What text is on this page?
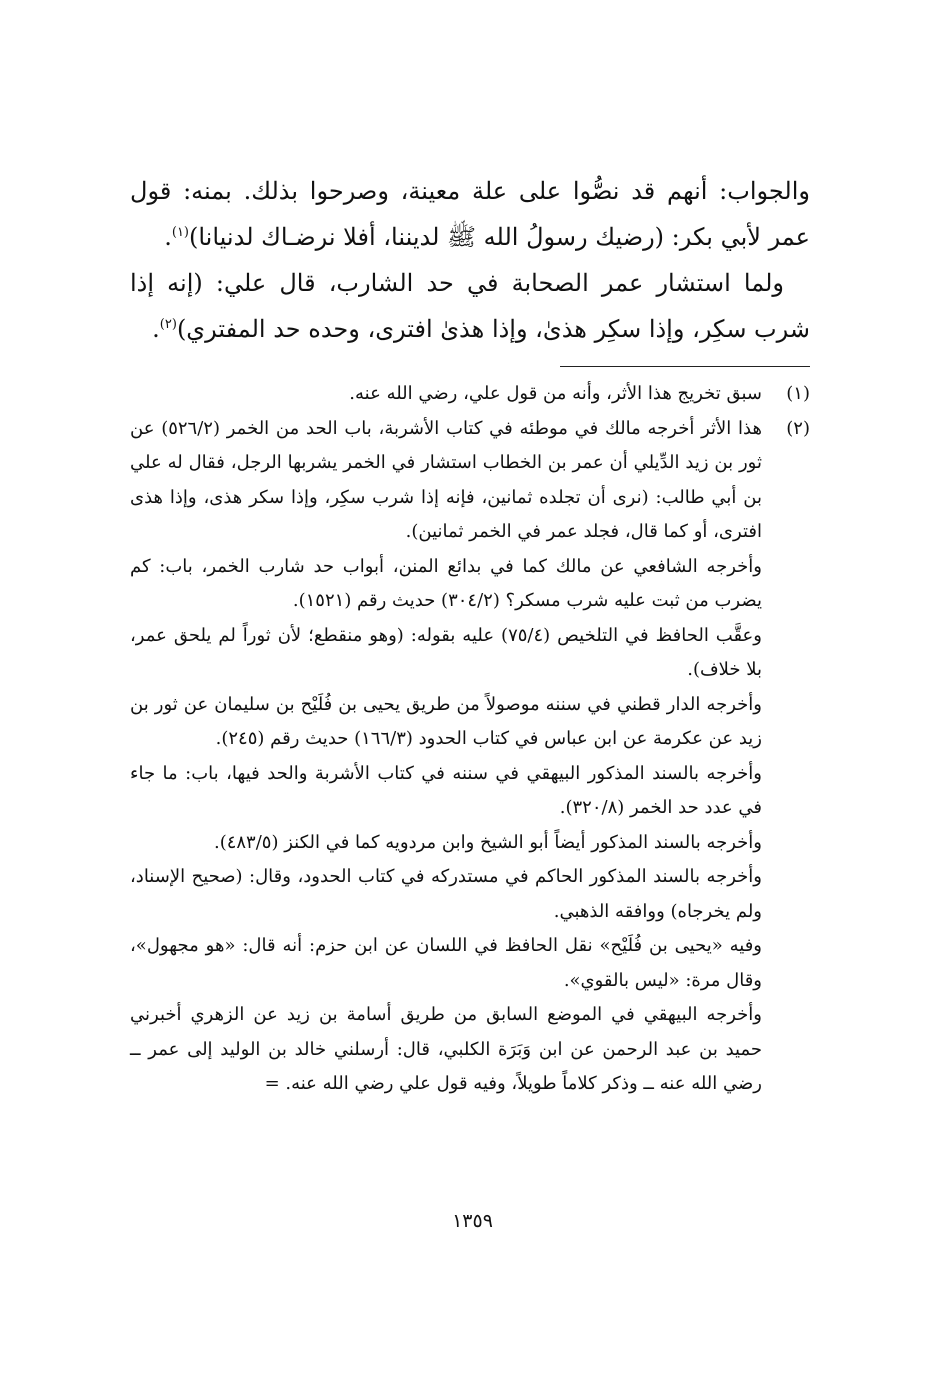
والجواب: أنهم قد نصُّوا على علة معينة، وصرحوا بذلك. بمنه: قول عمر لأبي بكر: (رضيك رسولُ الله ﷺ لديننا، أفلا نرضـاك لدنيانا)$^{(١)}$.

ولما استشار عمر الصحابة في حد الشارب، قال علي: (إنه إذا شرب سكِر، وإذا سكِر هذىٰ، وإذا هذىٰ افترى، وحده حد المفتري)$^{(٢)}$.

(١)
سبق تخريج هذا الأثر، وأنه من قول علي، رضي الله عنه.
(٢)
هذا الأثر أخرجه مالك في موطئه في كتاب الأشربة، باب الحد من الخمر (٥٢٦/٢) عن ثور بن زيد الدِّيلي أن عمر بن الخطاب استشار في الخمر يشربها الرجل، فقال له علي بن أبي طالب: (نرى أن تجلده ثمانين، فإنه إذا شرب سكِر، وإذا سكر هذى، وإذا هذى افترى، أو كما قال، فجلد عمر في الخمر ثمانين).
وأخرجه الشافعي عن مالك كما في بدائع المنن، أبواب حد شارب الخمر، باب: كم يضرب من ثبت عليه شرب مسكر؟ (٣٠٤/٢) حديث رقم (١٥٢١).
وعقَّب الحافظ في التلخيص (٧٥/٤) عليه بقوله: (وهو منقطع؛ لأن ثوراً لم يلحق عمر، بلا خلاف).
وأخرجه الدار قطني في سننه موصولاً من طريق يحيى بن فُلَيْح بن سليمان عن ثور بن زيد عن عكرمة عن ابن عباس في كتاب الحدود (١٦٦/٣) حديث رقم (٢٤٥).
وأخرجه بالسند المذكور البيهقي في سننه في كتاب الأشربة والحد فيها، باب: ما جاء في عدد حد الخمر (٣٢٠/٨).
وأخرجه بالسند المذكور أيضاً أبو الشيخ وابن مردويه كما في الكنز (٤٨٣/٥).
وأخرجه بالسند المذكور الحاكم في مستدركه في كتاب الحدود، وقال: (صحيح الإسناد، ولم يخرجاه) ووافقه الذهبي.
وفيه «يحيى بن فُلَيْح» نقل الحافظ في اللسان عن ابن حزم: أنه قال: «هو مجهول»، وقال مرة: «ليس بالقوي».
وأخرجه البيهقي في الموضع السابق من طريق أسامة بن زيد عن الزهري أخبرني حميد بن عبد الرحمن عن ابن وَبَرَة الكلبي، قال: أرسلني خالد بن الوليد إلى عمر ــ رضي الله عنه ــ وذكر كلاماً طويلاً، وفيه قول علي رضي الله عنه. =
١٣٥٩
